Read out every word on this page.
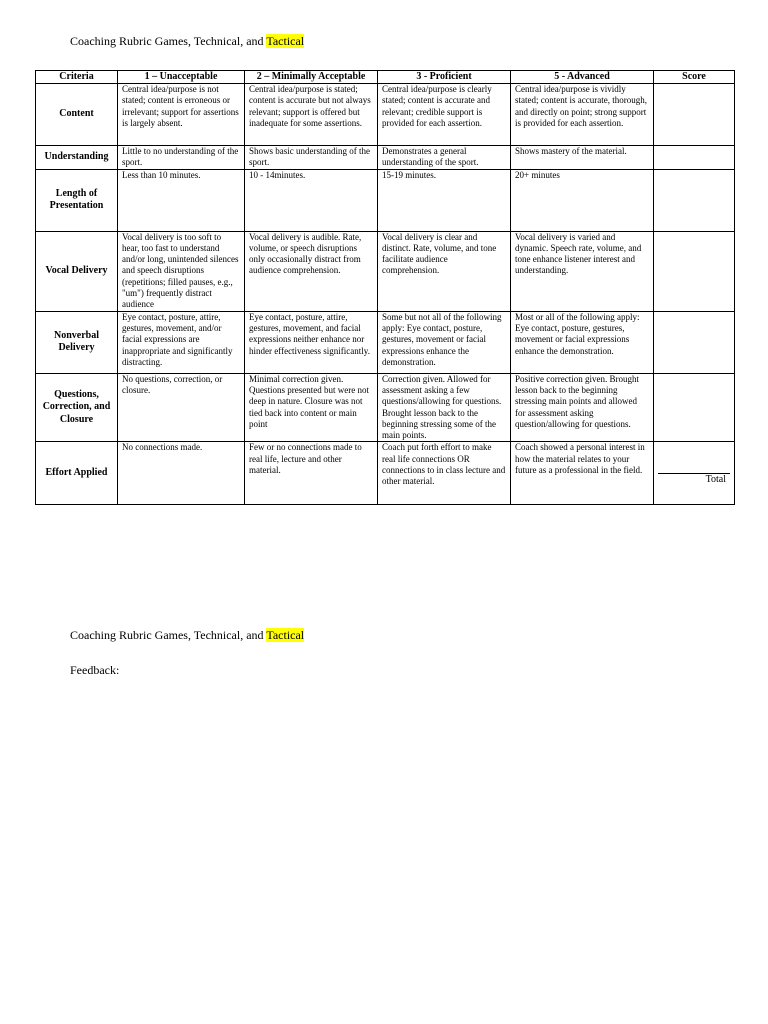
Coaching Rubric Games, Technical, and Tactical
Criteria	1 – Unacceptable	2 – Minimally Acceptable	3 - Proficient	5 - Advanced	Score
Content	Central idea/purpose is not stated; content is erroneous or irrelevant; support for assertions is largely absent.	Central idea/purpose is stated; content is accurate but not always relevant; support is offered but inadequate for some assertions.	Central idea/purpose is clearly stated; content is accurate and relevant; credible support is provided for each assertion.	Central idea/purpose is vividly stated; content is accurate, thorough, and directly on point; strong support is provided for each assertion.	
Understanding	Little to no understanding of the sport.	Shows basic understanding of the sport.	Demonstrates a general understanding of the sport.	Shows mastery of the material.	
Length of Presentation	Less than 10 minutes.	10 - 14minutes.	15-19 minutes.	20+ minutes	
Vocal Delivery	Vocal delivery is too soft to hear, too fast to understand and/or long, unintended silences and speech disruptions (repetitions; filled pauses, e.g., "um") frequently distract audience	Vocal delivery is audible. Rate, volume, or speech disruptions only occasionally distract from audience comprehension.	Vocal delivery is clear and distinct. Rate, volume, and tone facilitate audience comprehension.	Vocal delivery is varied and dynamic. Speech rate, volume, and tone enhance listener interest and understanding.	
Nonverbal Delivery	Eye contact, posture, attire, gestures, movement, and/or facial expressions are inappropriate and significantly distracting.	Eye contact, posture, attire, gestures, movement, and facial expressions neither enhance nor hinder effectiveness significantly.	Some but not all of the following apply: Eye contact, posture, gestures, movement or facial expressions enhance the demonstration.	Most or all of the following apply: Eye contact, posture, gestures, movement or facial expressions enhance the demonstration.	
Questions, Correction, and Closure	No questions, correction, or closure.	Minimal correction given. Questions presented but were not deep in nature. Closure was not tied back into content or main point	Correction given. Allowed for assessment asking a few questions/allowing for questions. Brought lesson back to the beginning stressing some of the main points.	Positive correction given. Brought lesson back to the beginning stressing main points and allowed for assessment asking question/allowing for questions.	
Effort Applied	No connections made.	Few or no connections made to real life, lecture and other material.	Coach put forth effort to make real life connections OR connections to in class lecture and other material.	Coach showed a personal interest in how the material relates to your future as a professional in the field.	Total
Coaching Rubric Games, Technical, and Tactical
Feedback:
